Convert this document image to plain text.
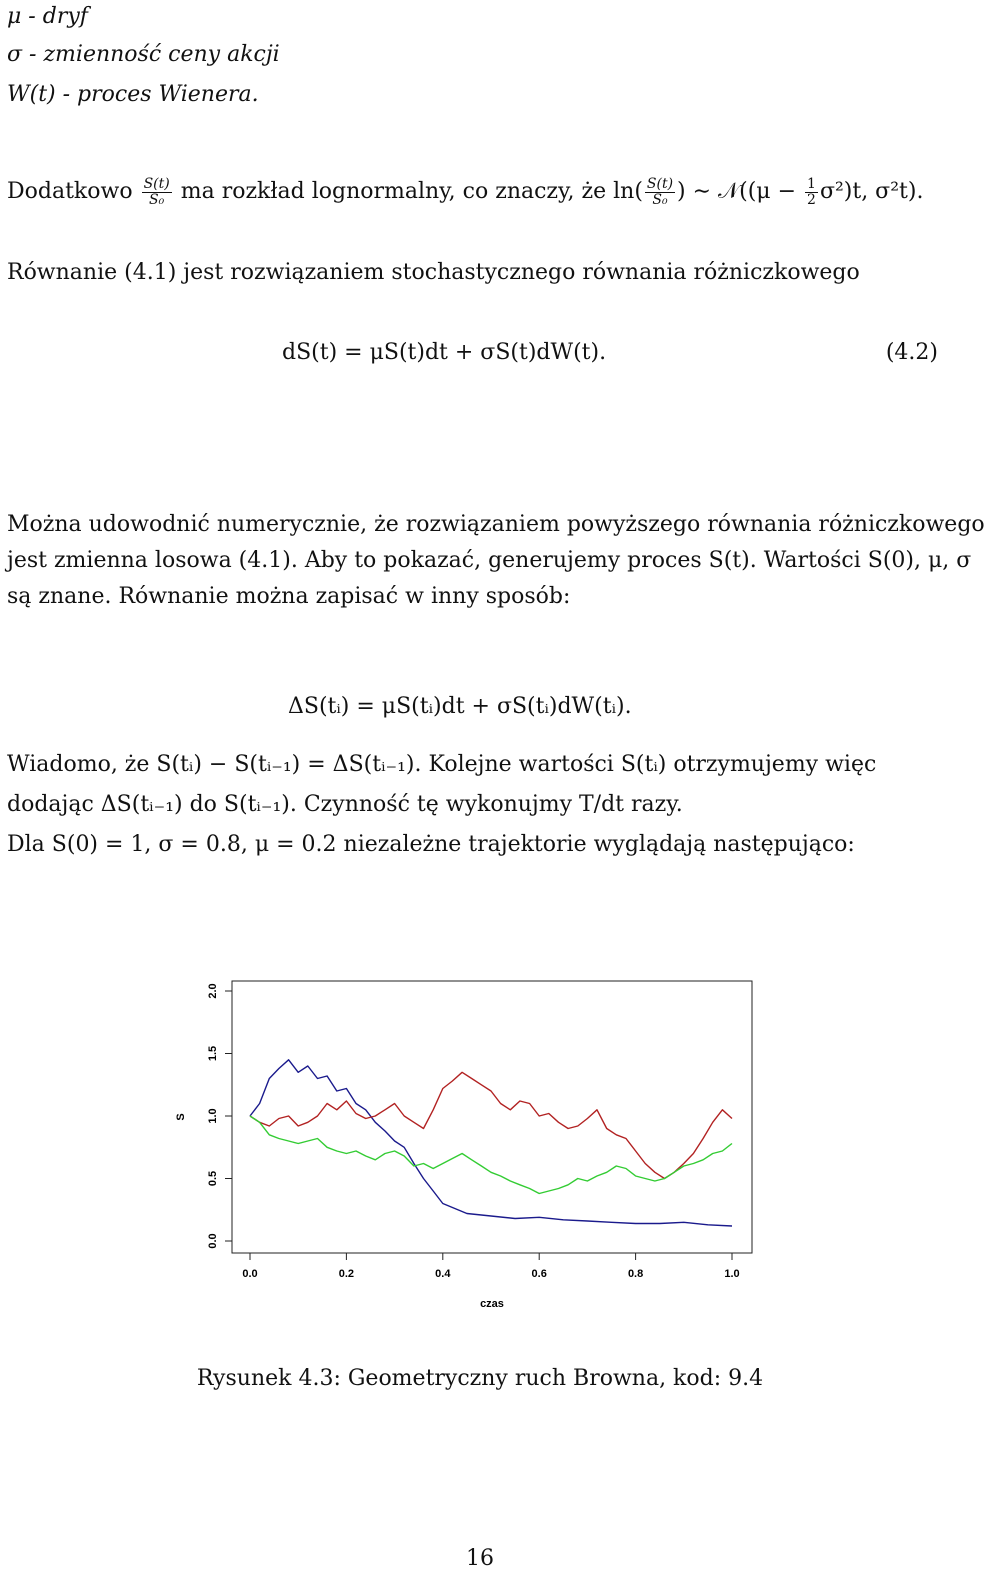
μ - dryf
σ - zmienność ceny akcji
W(t) - proces Wienera.
Dodatkowo $\frac{S(t)}{\text{S₀}}$ ma rozkład lognormalny, co znaczy, że $\ln( \frac{S(t)}{\text{S₀}}$ ) ∼ 𝒩((μ − $\frac{1}{2} \sigma^2)t$, σ²t).
Równanie (4.1) jest rozwiązaniem stochastycznego równania różniczkowego
dS(t) = μS(t)dt + σS(t)dW(t).	(4.2)
Można udowodnić numerycznie, że rozwiązaniem powyższego równania różniczkowego
jest zmienna losowa (4.1). Aby to pokazać, generujemy proces S(t). Wartości S(0), μ, σ
są znane. Równanie można zapisać w inny sposób:
ΔS(tᵢ) = μS(tᵢ)dt + σS(tᵢ)dW(tᵢ).
Wiadomo, że S(tᵢ) − S(tᵢ₋₁) = ΔS(tᵢ₋₁). Kolejne wartości S(tᵢ) otrzymujemy więc
dodając ΔS(tᵢ₋₁) do S(tᵢ₋₁). Czynność tę wykonujmy T/dt razy.
Dla S(0) = 1, σ = 0.8, μ = 0.2 niezależne trajektorie wyglądają następująco:
0.0	0.2	0.4	0.6	0.8	1.0
0.0
0.5
1.0
1.5
2.0
czas
S
Rysunek 4.3: Geometryczny ruch Browna, kod: 9.4
16
